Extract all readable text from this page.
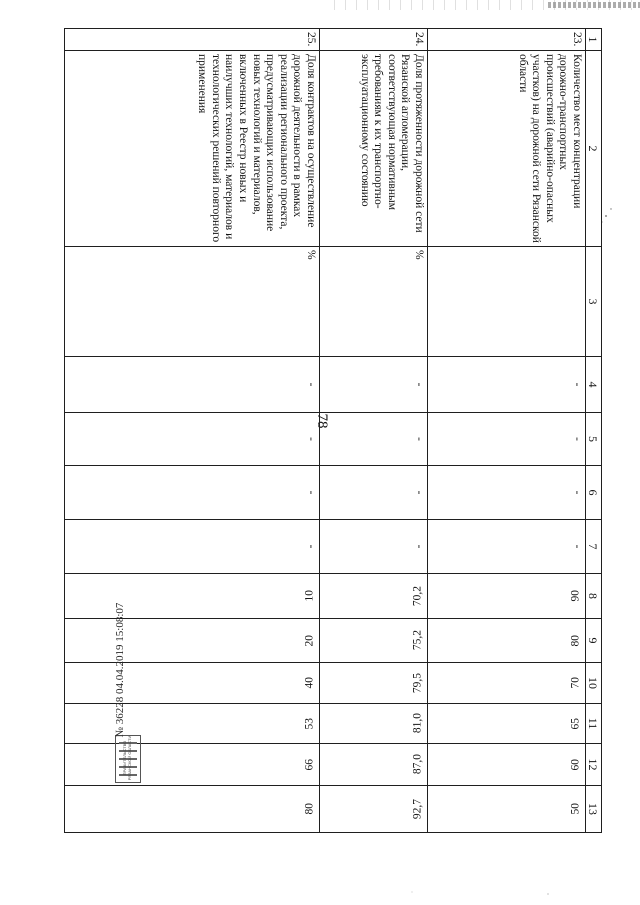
78
1	2	3	4	5	6	7	8	9	10	11	12	13
23.	Количество мест концентрации дорожно-транспортных происшествий (аварийно-опасных участков) на дорожной сети Рязанской области		-	-	-	-	90	80	70	65	60	50
24.	Доля протяженности дорожной сети Рязанской агломерации, соответствующая нормативным требованиям к их транспортно-эксплуатационному состоянию	%	-	-	-	-	70,2	75,2	79,5	81,0	87,0	92,7
25.	Доля контрактов на осуществление дорожной деятельности в рамках реализации регионального проекта, предусматривающих использование новых технологий и материалов, включенных в Реестр новых и наилучших технологий, материалов и технологических решений повторного применения	%	-	-	-	-	10	20	40	53	66	80
ПРАВИТЕЛЬСТВО РЯЗАНСКОЙ ОБЛАСТИ
№ 36228 04.04.2019 15:08:07
